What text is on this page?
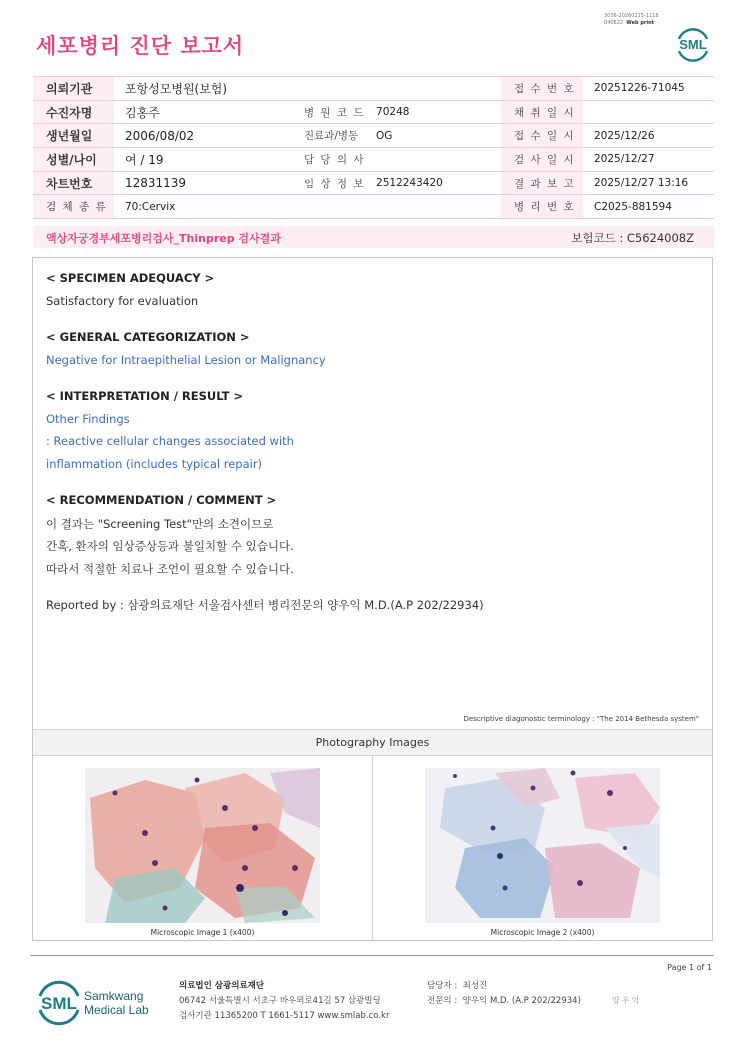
3036-20260115-1118
040822 Web print
세포병리 진단 보고서	SML
의뢰기관	포항성모병원(보험)			접 수 번 호	20251226-71045
수진자명	김홍주	병 원 코 드	70248	채 취 일 시	
생년월일	2006/08/02	진료과/병동	OG	접 수 일 시	2025/12/26
성별/나이	여 / 19	담 당 의 사		검 사 일 시	2025/12/27
차트번호	12831139	임 상 정 보	2512243420	결 과 보 고	2025/12/27 13:16
검 체 종 류	70:Cervix			병 리 번 호	C2025-881594
액상자궁경부세포병리검사_Thinprep 검사결과	보험코드 : C5624008Z
< SPECIMEN ADEQUACY >
Satisfactory for evaluation
< GENERAL CATEGORIZATION >
Negative for Intraepithelial Lesion or Malignancy
< INTERPRETATION / RESULT >
Other Findings
: Reactive cellular changes associated with
inflammation (includes typical repair)
< RECOMMENDATION / COMMENT >
이 결과는 "Screening Test"만의 소견이므로
간혹, 환자의 임상증상등과 불일치할 수 있습니다.
따라서 적절한 치료나 조언이 필요할 수 있습니다.
Reported by : 삼광의료재단 서울검사센터 병리전문의 양우익 M.D.(A.P 202/22934)
Descriptive diagonostic terminology : "The 2014 Bethesda system"
Photography Images
Microscopic Image 1 (x400)	Microscopic Image 2 (x400)
Page 1 of 1
SML Samkwang
Medical Lab
의료법인 삼광의료재단
06742 서울특별시 서초구 바우뫼로41길 57 삼광빌딩
검사기관 11365200 T 1661-5117 www.smlab.co.kr
담당자 : 최성진
전문의 : 양우익 M.D. (A.P 202/22934)	양우익
